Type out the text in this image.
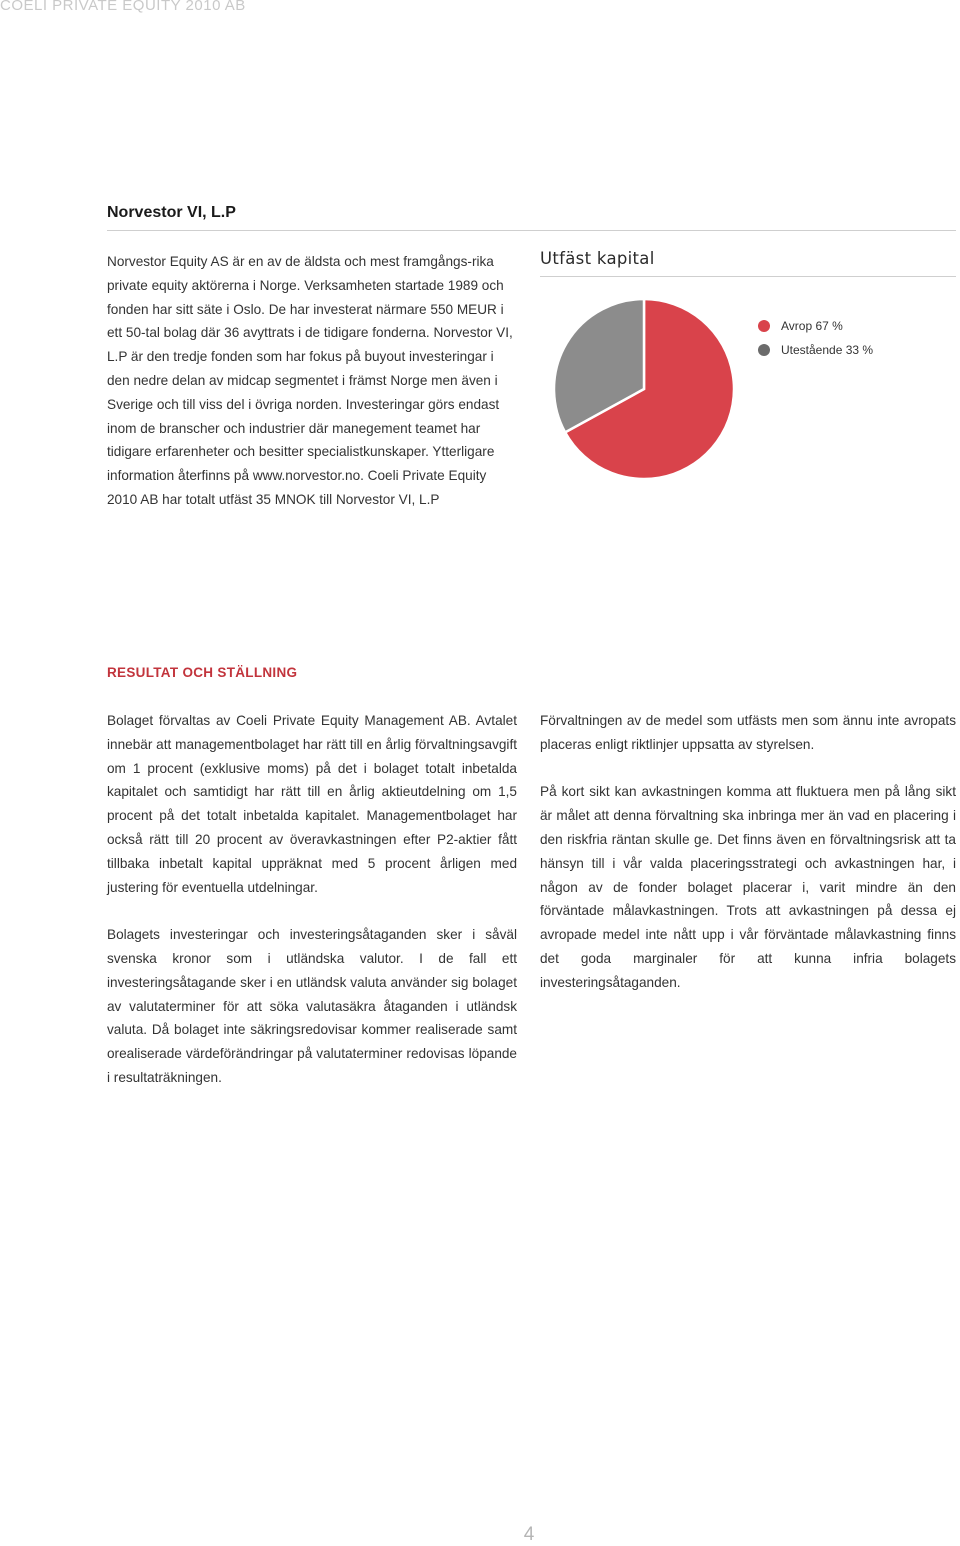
COELI PRIVATE EQUITY 2010 AB
Norvestor VI, L.P

Norvestor Equity AS är en av de äldsta och mest framgångs-rika private equity aktörerna i Norge. Verksamheten startade 1989 och fonden har sitt säte i Oslo. De har investerat närmare 550 MEUR i ett 50-tal bolag där 36 avyttrats i de tidigare fonderna. Norvestor VI, L.P är den tredje fonden som har fokus på buyout investeringar i den nedre delan av midcap segmentet i främst Norge men även i Sverige och till viss del i övriga norden. Investeringar görs endast inom de branscher och industrier där manegement teamet har tidigare erfarenheter och besitter specialistkunskaper. Ytterligare information återfinns på www.norvestor.no. Coeli Private Equity 2010 AB har totalt utfäst 35 MNOK till Norvestor VI, L.P

Utfäst kapital
Avrop 67 %
Utestående 33 %
RESULTAT OCH STÄLLNING

Bolaget förvaltas av Coeli Private Equity Management AB. Avtalet innebär att managementbolaget har rätt till en årlig förvaltningsavgift om 1 procent (exklusive moms) på det i bolaget totalt inbetalda kapitalet och samtidigt har rätt till en årlig aktieutdelning om 1,5 procent på det totalt inbetalda kapitalet. Managementbolaget har också rätt till 20 procent av överavkastningen efter P2-aktier fått tillbaka inbetalt kapital uppräknat med 5 procent årligen med justering för eventuella utdelningar.

Bolagets investeringar och investeringsåtaganden sker i såväl svenska kronor som i utländska valutor. I de fall ett investeringsåtagande sker i en utländsk valuta använder sig bolaget av valutaterminer för att söka valutasäkra åtaganden i utländsk valuta. Då bolaget inte säkringsredovisar kommer realiserade samt orealiserade värdeförändringar på valutaterminer redovisas löpande i resultaträkningen.

Förvaltningen av de medel som utfästs men som ännu inte avropats placeras enligt riktlinjer uppsatta av styrelsen.

På kort sikt kan avkastningen komma att fluktuera men på lång sikt är målet att denna förvaltning ska inbringa mer än vad en placering i den riskfria räntan skulle ge. Det finns även en förvaltningsrisk att ta hänsyn till i vår valda placeringsstrategi och avkastningen har, i någon av de fonder bolaget placerar i, varit mindre än den förväntade målavkastningen. Trots att avkastningen på dessa ej avropade medel inte nått upp i vår förväntade målavkastning finns det goda marginaler för att kunna infria bolagets investeringsåtaganden.

4
